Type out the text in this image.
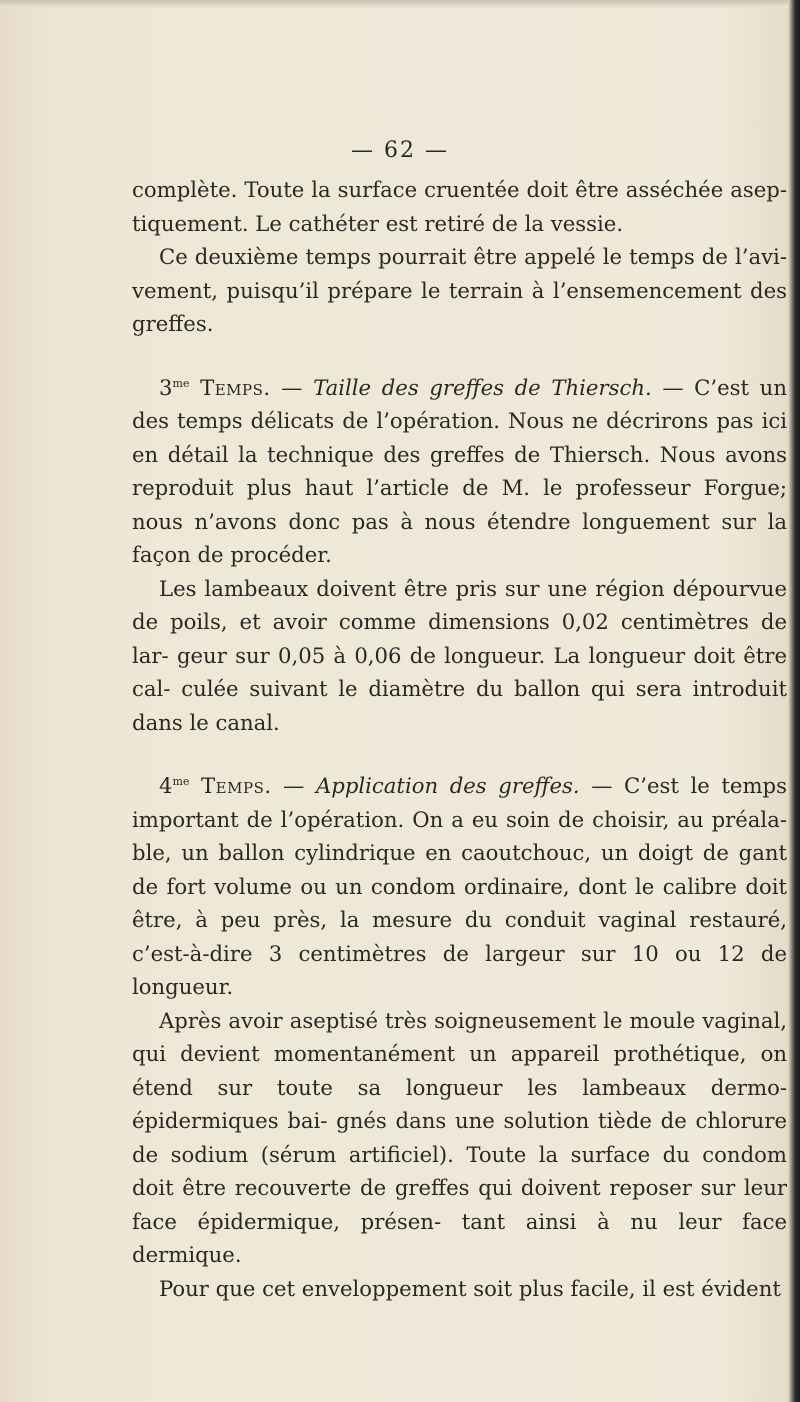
— 62 —

complète. Toute la surface cruentée doit être asséchée asep- tiquement. Le cathéter est retiré de la vessie.

Ce deuxième temps pourrait être appelé le temps de l’avi- vement, puisqu’il prépare le terrain à l’ensemencement des greffes.

$3^{me}$ Temps. — Taille des greffes de Thiersch. — C’est un des temps délicats de l’opération. Nous ne décrirons pas ici en détail la technique des greffes de Thiersch. Nous avons reproduit plus haut l’article de M. le professeur Forgue; nous n’avons donc pas à nous étendre longuement sur la façon de procéder.

Les lambeaux doivent être pris sur une région dépourvue de poils, et avoir comme dimensions 0,02 centimètres de lar- geur sur 0,05 à 0,06 de longueur. La longueur doit être cal- culée suivant le diamètre du ballon qui sera introduit dans le canal.

$4^{me}$ Temps. — Application des greffes. — C’est le temps important de l’opération. On a eu soin de choisir, au préala- ble, un ballon cylindrique en caoutchouc, un doigt de gant de fort volume ou un condom ordinaire, dont le calibre doit être, à peu près, la mesure du conduit vaginal restauré, c’est-à-dire 3 centimètres de largeur sur 10 ou 12 de longueur.

Après avoir aseptisé très soigneusement le moule vaginal, qui devient momentanément un appareil prothétique, on étend sur toute sa longueur les lambeaux dermo-épidermiques bai- gnés dans une solution tiède de chlorure de sodium (sérum artificiel). Toute la surface du condom doit être recouverte de greffes qui doivent reposer sur leur face épidermique, présen- tant ainsi à nu leur face dermique.

Pour que cet enveloppement soit plus facile, il est évident
